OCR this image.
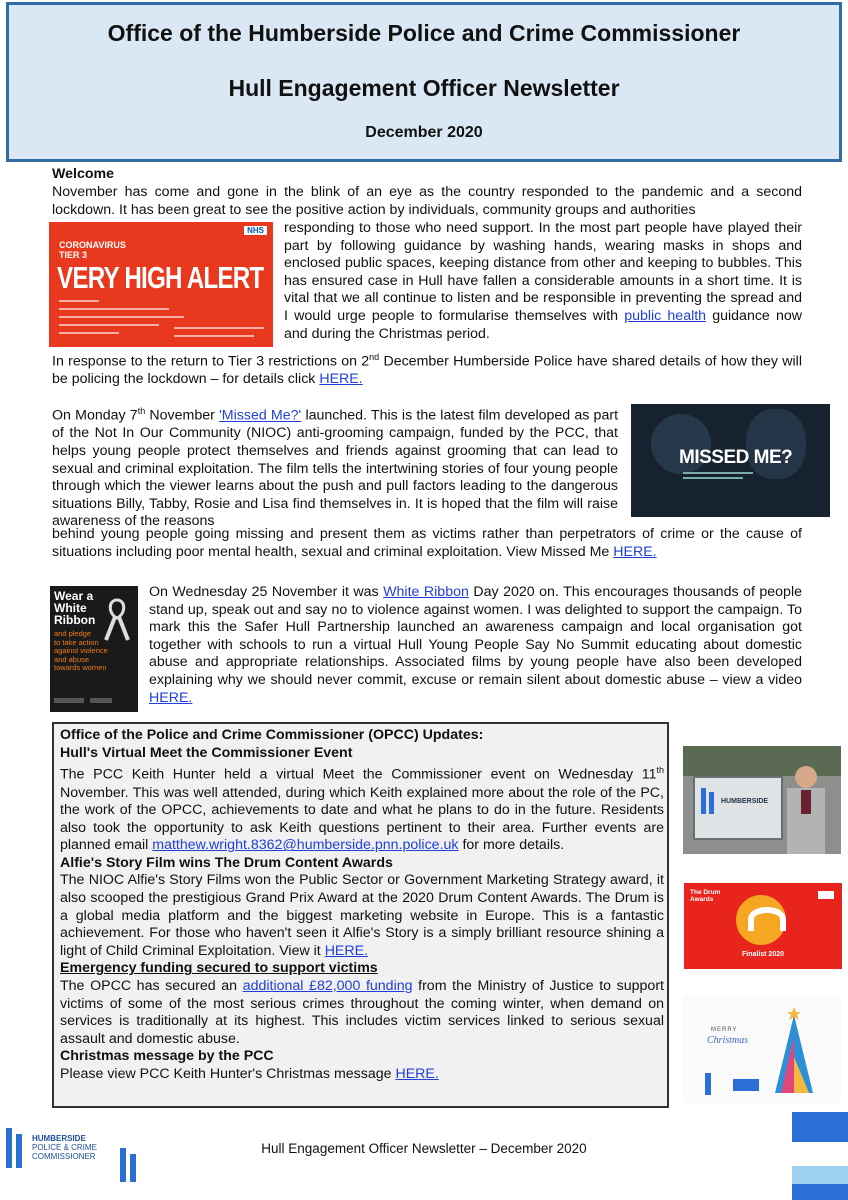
Office of the Humberside Police and Crime Commissioner
Hull Engagement Officer Newsletter
December 2020
Welcome
November has come and gone in the blink of an eye as the country responded to the pandemic and a second lockdown. It has been great to see the positive action by individuals, community groups and authorities
NHS
CORONAVIRUS
TIER 3
VERY HIGH ALERT
responding to those who need support. In the most part people have played their part by following guidance by washing hands, wearing masks in shops and enclosed public spaces, keeping distance from other and keeping to bubbles. This has ensured case in Hull have fallen a considerable amounts in a short time. It is vital that we all continue to listen and be responsible in preventing the spread and I would urge people to formularise themselves with public health guidance now and during the Christmas period.
In response to the return to Tier 3 restrictions on 2nd December Humberside Police have shared details of how they will be policing the lockdown – for details click HERE.
On Monday 7th November 'Missed Me?' launched. This is the latest film developed as part of the Not In Our Community (NIOC) anti-grooming campaign, funded by the PCC, that helps young people protect themselves and friends against grooming that can lead to sexual and criminal exploitation. The film tells the intertwining stories of four young people through which the viewer learns about the push and pull factors leading to the dangerous situations Billy, Tabby, Rosie and Lisa find themselves in. It is hoped that the film will raise awareness of the reasons
behind young people going missing and present them as victims rather than perpetrators of crime or the cause of situations including poor mental health, sexual and criminal exploitation. View Missed Me HERE.
MISSED ME?
Wear a
White
Ribbon
and pledge
to take action
against violence
and abuse
towards women
On Wednesday 25 November it was White Ribbon Day 2020 on. This encourages thousands of people stand up, speak out and say no to violence against women. I was delighted to support the campaign. To mark this the Safer Hull Partnership launched an awareness campaign and local organisation got together with schools to run a virtual Hull Young People Say No Summit educating about domestic abuse and appropriate relationships. Associated films by young people have also been developed explaining why we should never commit, excuse or remain silent about domestic abuse – view a video HERE.
Office of the Police and Crime Commissioner (OPCC) Updates:
Hull's Virtual Meet the Commissioner Event
The PCC Keith Hunter held a virtual Meet the Commissioner event on Wednesday 11th November. This was well attended, during which Keith explained more about the role of the PC, the work of the OPCC, achievements to date and what he plans to do in the future. Residents also took the opportunity to ask Keith questions pertinent to their area. Further events are planned email matthew.wright.8362@humberside.pnn.police.uk for more details.
Alfie's Story Film wins The Drum Content Awards
The NIOC Alfie's Story Films won the Public Sector or Government Marketing Strategy award, it also scooped the prestigious Grand Prix Award at the 2020 Drum Content Awards. The Drum is a global media platform and the biggest marketing website in Europe. This is a fantastic achievement. For those who haven't seen it Alfie's Story is a simply brilliant resource shining a light of Child Criminal Exploitation. View it HERE.
Emergency funding secured to support victims
The OPCC has secured an additional £82,000 funding from the Ministry of Justice to support victims of some of the most serious crimes throughout the coming winter, when demand on services is traditionally at its highest. This includes victim services linked to serious sexual assault and domestic abuse.
Christmas message by the PCC
Please view PCC Keith Hunter's Christmas message HERE.
HUMBERSIDE
The Drum
Awards
Finalist 2020
MERRY
Christmas
HUMBERSIDE
POLICE & CRIME
COMMISSIONER
Hull Engagement Officer Newsletter – December 2020
